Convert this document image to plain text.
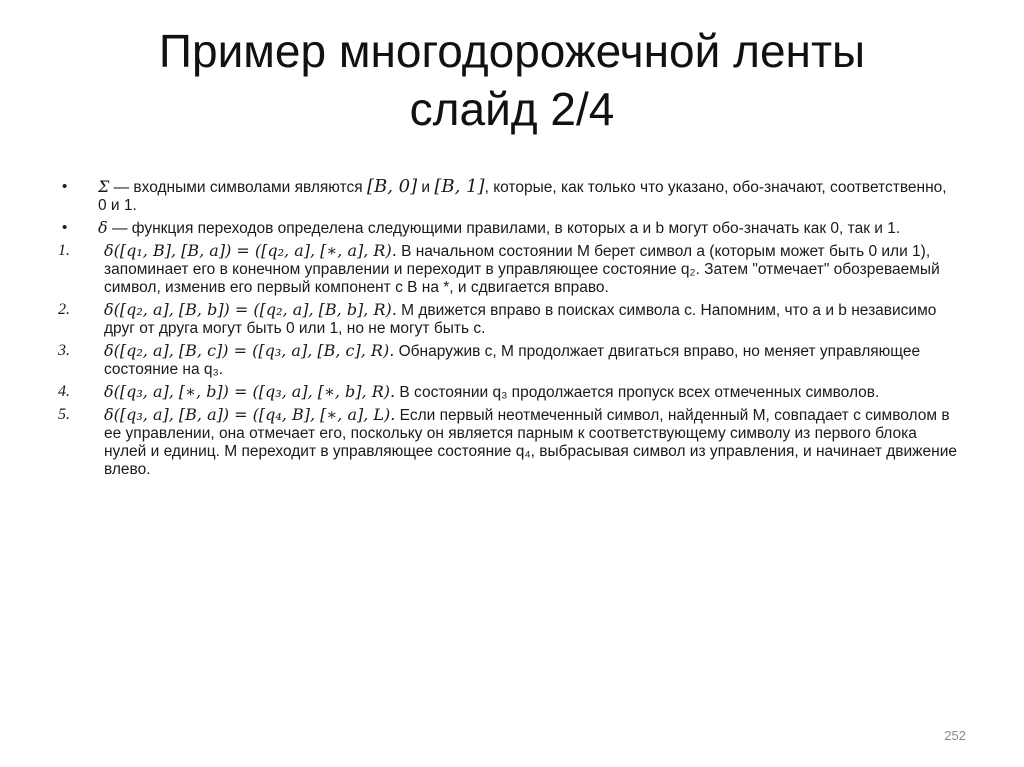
Пример многодорожечной ленты
слайд 2/4
•	Σ — входными символами являются [B, 0] и [B, 1], которые, как только что указано, обо-значают, соответственно, 0 и 1.
•	δ — функция переходов определена следующими правилами, в которых a и b могут обо-значать как 0, так и 1.
1.	δ([q₁, B], [B, a]) = ([q₂, a], [∗, a], R). В начальном состоянии M берет символ a (которым может быть 0 или 1), запоминает его в конечном управлении и переходит в управляющее состояние q₂. Затем "отмечает" обозреваемый символ, изменив его первый компонент с B на *, и сдвигается вправо.
2.	δ([q₂, a], [B, b]) = ([q₂, a], [B, b], R). M движется вправо в поисках символа c. Напомним, что a и b независимо друг от друга могут быть 0 или 1, но не могут быть с.
3.	δ([q₂, a], [B, c]) = ([q₃, a], [B, c], R). Обнаружив c, M продолжает двигаться вправо, но меняет управляющее состояние на q₃.
4.	δ([q₃, a], [∗, b]) = ([q₃, a], [∗, b], R). В состоянии q₃ продолжается пропуск всех отмеченных символов.
5.	δ([q₃, a], [B, a]) = ([q₄, B], [∗, a], L). Если первый неотмеченный символ, найденный M, совпадает с символом в ее управлении, она отмечает его, поскольку он является парным к соответствующему символу из первого блока нулей и единиц. M переходит в управляющее состояние q₄, выбрасывая символ из управления, и начинает движение влево.
252
